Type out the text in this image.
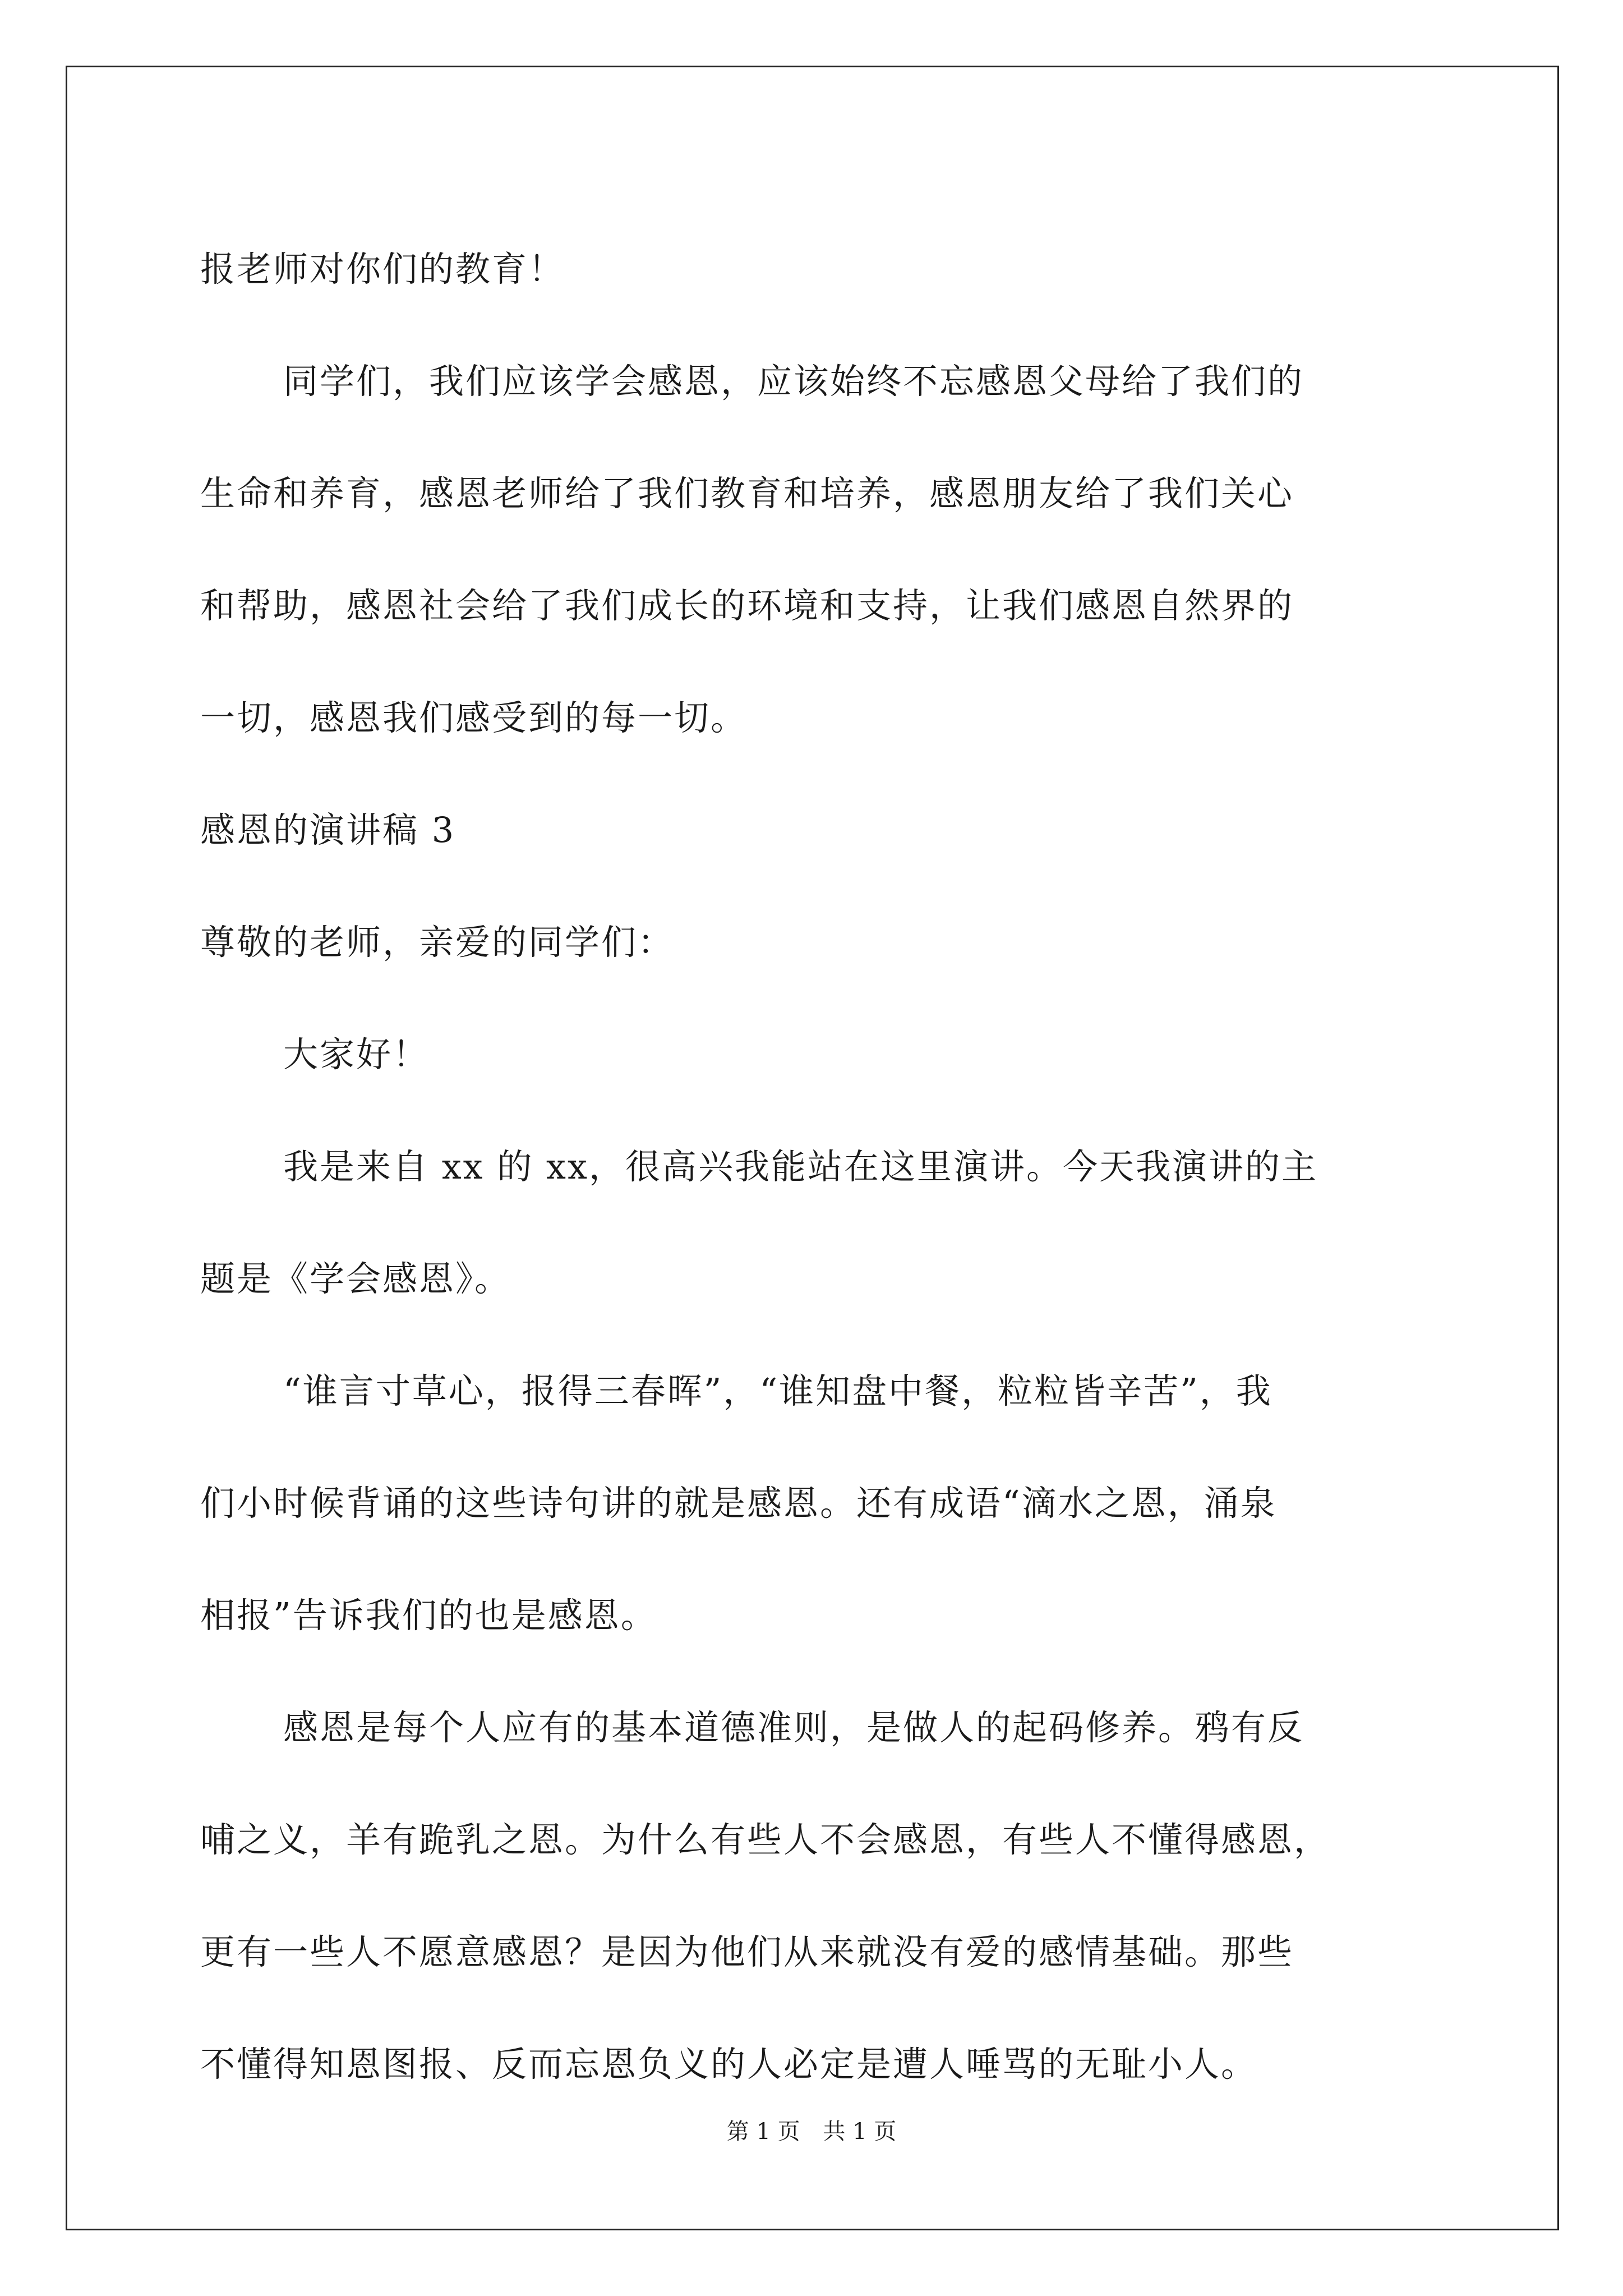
报老师对你们的教育！

同学们，我们应该学会感恩，应该始终不忘感恩父母给了我们的

生命和养育，感恩老师给了我们教育和培养，感恩朋友给了我们关心

和帮助，感恩社会给了我们成长的环境和支持，让我们感恩自然界的

一切，感恩我们感受到的每一切。

感恩的演讲稿 3

尊敬的老师，亲爱的同学们：

大家好！

我是来自 xx 的 xx，很高兴我能站在这里演讲。今天我演讲的主

题是《学会感恩》。

“谁言寸草心，报得三春晖”，“谁知盘中餐，粒粒皆辛苦”，我

们小时候背诵的这些诗句讲的就是感恩。还有成语“滴水之恩，涌泉

相报”告诉我们的也是感恩。

感恩是每个人应有的基本道德准则，是做人的起码修养。鸦有反

哺之义，羊有跪乳之恩。为什么有些人不会感恩，有些人不懂得感恩，

更有一些人不愿意感恩？是因为他们从来就没有爱的感情基础。那些

不懂得知恩图报、反而忘恩负义的人必定是遭人唾骂的无耻小人。

第 1 页 共 1 页
